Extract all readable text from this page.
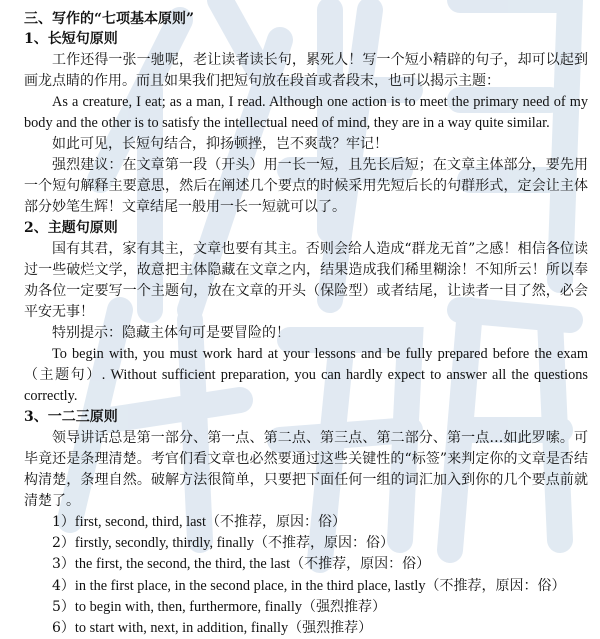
三、写作的“七项基本原则”
1、长短句原则

工作还得一张一驰呢，老让读者读长句，累死人！写一个短小精辟的句子，却可以起到画龙点睛的作用。而且如果我们把短句放在段首或者段末，也可以揭示主题：

As a creature, I eat; as a man, I read. Although one action is to meet the primary need of my body and the other is to satisfy the intellectual need of mind, they are in a way quite similar.

如此可见，长短句结合，抑扬顿挫，岂不爽哉？牢记！

强烈建议：在文章第一段（开头）用一长一短，且先长后短；在文章主体部分，要先用一个短句解释主要意思，然后在阐述几个要点的时候采用先短后长的句群形式，定会让主体部分妙笔生辉！文章结尾一般用一长一短就可以了。

2、主题句原则

国有其君，家有其主，文章也要有其主。否则会给人造成“群龙无首”之感！相信各位读过一些破烂文学，故意把主体隐藏在文章之内，结果造成我们稀里糊涂！不知所云！所以奉劝各位一定要写一个主题句，放在文章的开头（保险型）或者结尾，让读者一目了然，必会平安无事！

特别提示：隐藏主体句可是要冒险的！

To begin with, you must work hard at your lessons and be fully prepared before the exam（主题句）. Without sufficient preparation, you can hardly expect to answer all the questions correctly.

3、一二三原则

领导讲话总是第一部分、第一点、第二点、第三点、第二部分、第一点…如此罗嗦。可毕竟还是条理清楚。考官们看文章也必然要通过这些关键性的“标签”来判定你的文章是否结构清楚，条理自然。破解方法很简单，只要把下面任何一组的词汇加入到你的几个要点前就清楚了。

1）first, second, third, last（不推荐，原因：俗）
2）firstly, secondly, thirdly, finally（不推荐，原因：俗）
3）the first, the second, the third, the last（不推荐，原因：俗）
4）in the first place, in the second place, in the third place, lastly（不推荐，原因：俗）
5）to begin with, then, furthermore, finally（强烈推荐）
6）to start with, next, in addition, finally（强烈推荐）
